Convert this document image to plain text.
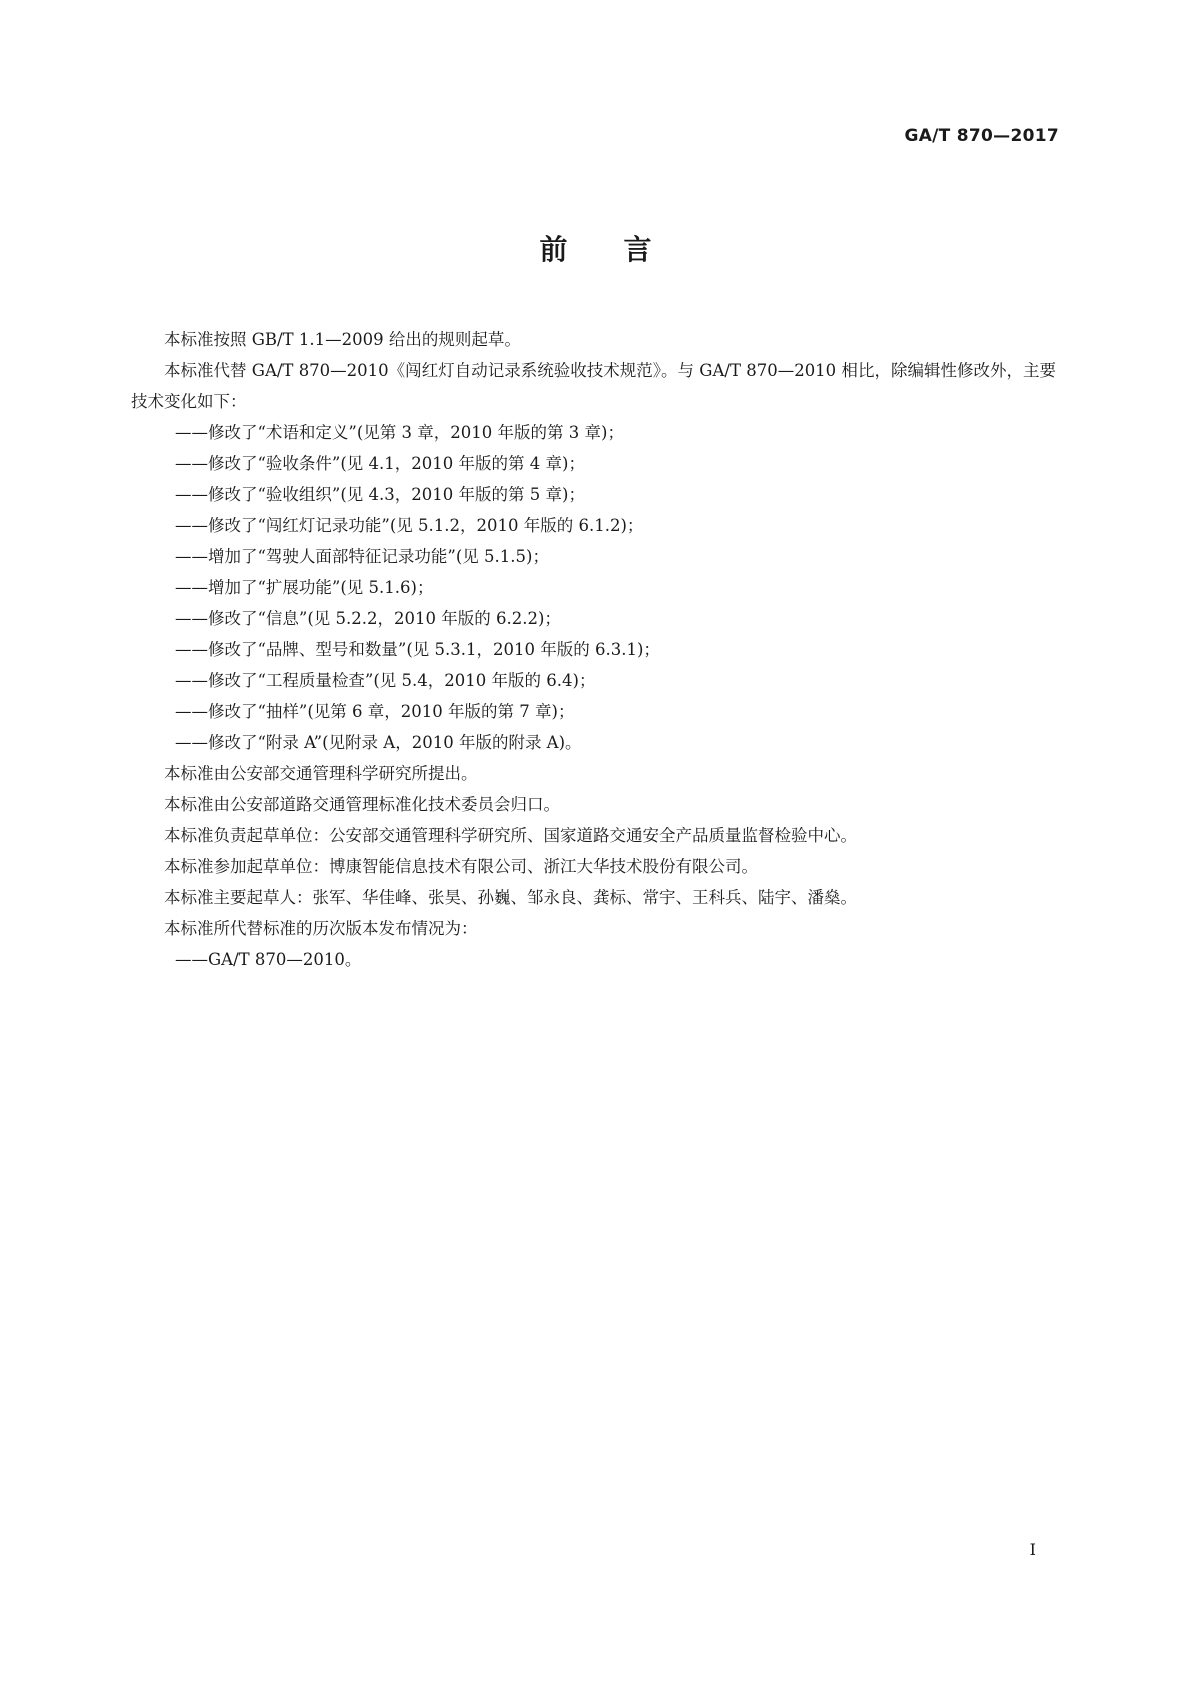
GA/T 870—2017
前　　言

本标准按照 GB/T 1.1—2009 给出的规则起草。

本标准代替 GA/T 870—2010《闯红灯自动记录系统验收技术规范》。与 GA/T 870—2010 相比，除编辑性修改外，主要技术变化如下：

——修改了“术语和定义”(见第 3 章，2010 年版的第 3 章)；

——修改了“验收条件”(见 4.1，2010 年版的第 4 章)；

——修改了“验收组织”(见 4.3，2010 年版的第 5 章)；

——修改了“闯红灯记录功能”(见 5.1.2，2010 年版的 6.1.2)；

——增加了“驾驶人面部特征记录功能”(见 5.1.5)；

——增加了“扩展功能”(见 5.1.6)；

——修改了“信息”(见 5.2.2，2010 年版的 6.2.2)；

——修改了“品牌、型号和数量”(见 5.3.1，2010 年版的 6.3.1)；

——修改了“工程质量检查”(见 5.4，2010 年版的 6.4)；

——修改了“抽样”(见第 6 章，2010 年版的第 7 章)；

——修改了“附录 A”(见附录 A，2010 年版的附录 A)。

本标准由公安部交通管理科学研究所提出。

本标准由公安部道路交通管理标准化技术委员会归口。

本标准负责起草单位：公安部交通管理科学研究所、国家道路交通安全产品质量监督检验中心。

本标准参加起草单位：博康智能信息技术有限公司、浙江大华技术股份有限公司。

本标准主要起草人：张军、华佳峰、张昊、孙巍、邹永良、龚标、常宇、王科兵、陆宇、潘燊。

本标准所代替标准的历次版本发布情况为：

——GA/T 870—2010。

I
